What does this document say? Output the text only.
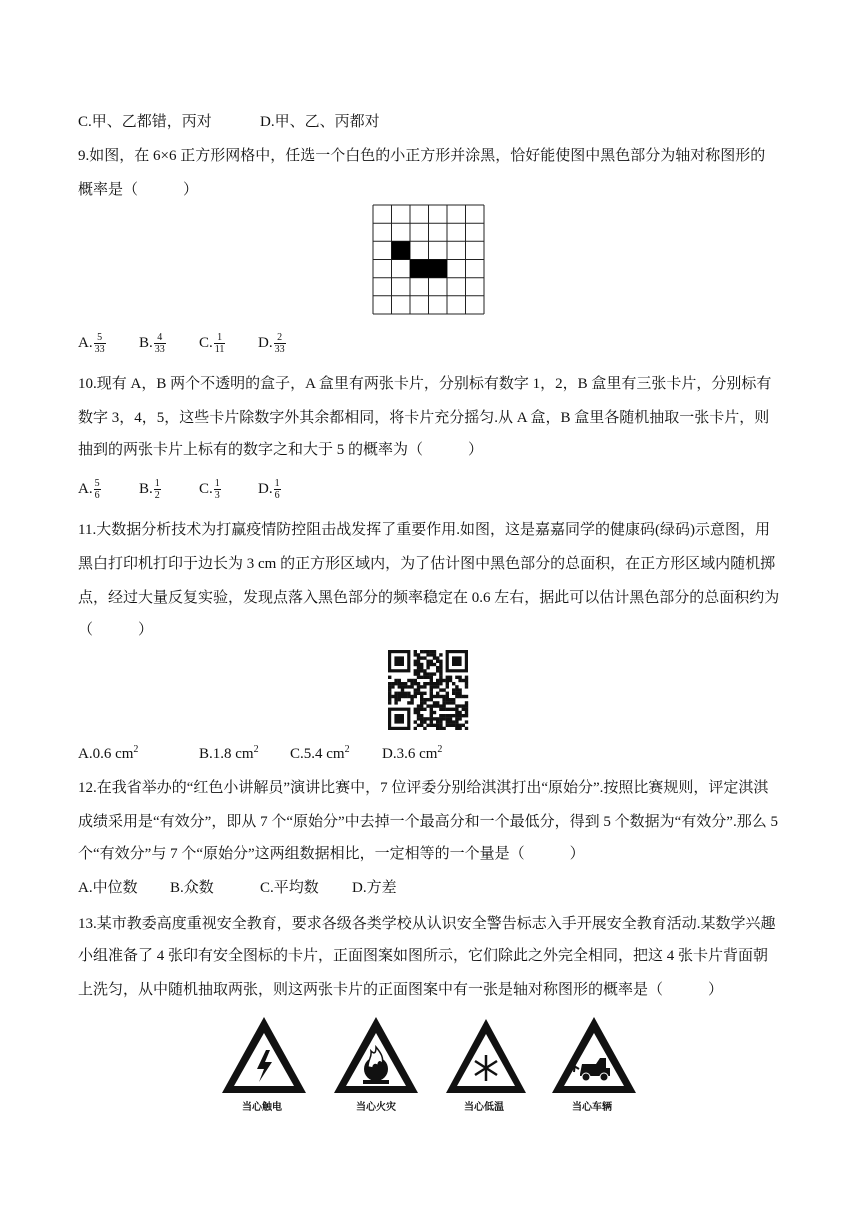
C.甲、乙都错，丙对	D.甲、乙、丙都对
9.如图，在 6×6 正方形网格中，任选一个白色的小正方形并涂黑，恰好能使图中黑色部分为轴对称图形的
概率是（　　　）
A. $\frac{5}{33} B$. $\frac{4}{33} C$. $\frac{1}{11} D$. $\frac{2}{33}$
10.现有 A，B 两个不透明的盒子，A 盒里有两张卡片，分别标有数字 1，2，B 盒里有三张卡片，分别标有
数字 3，4，5，这些卡片除数字外其余都相同，将卡片充分摇匀.从 A 盒，B 盒里各随机抽取一张卡片，则
抽到的两张卡片上标有的数字之和大于 5 的概率为（　　　）
A. $\frac{5}{6}$	B. $\frac{1}{2}$	C. $\frac{1}{3} D$. $\frac{1}{6}$
11.大数据分析技术为打赢疫情防控阻击战发挥了重要作用.如图，这是嘉嘉同学的健康码(绿码)示意图，用
黑白打印机打印于边长为 3 cm 的正方形区域内，为了估计图中黑色部分的总面积，在正方形区域内随机掷
点，经过大量反复实验，发现点落入黑色部分的频率稳定在 0.6 左右，据此可以估计黑色部分的总面积约为
（　　　）
A.0.6 $cm^2$	B.1.8 $cm^2$ C.5.4 $cm^2$ D.3.6 $cm^2$
12.在我省举办的“红色小讲解员”演讲比赛中，7 位评委分别给淇淇打出“原始分”.按照比赛规则，评定淇淇
成绩采用是“有效分”，即从 7 个“原始分”中去掉一个最高分和一个最低分，得到 5 个数据为“有效分”.那么 5
个“有效分”与 7 个“原始分”这两组数据相比，一定相等的一个量是（　　　）
A.中位数 B.众数	C.平均数 D.方差
13.某市教委高度重视安全教育，要求各级各类学校从认识安全警告标志入手开展安全教育活动.某数学兴趣
小组准备了 4 张印有安全图标的卡片，正面图案如图所示，它们除此之外完全相同，把这 4 张卡片背面朝
上洗匀，从中随机抽取两张，则这两张卡片的正面图案中有一张是轴对称图形的概率是（　　　）
当心触电	当心火灾	当心低温	当心车辆
